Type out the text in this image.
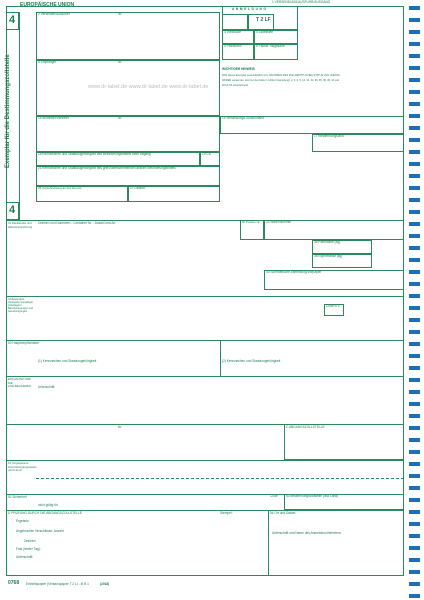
EUROPÄISCHE UNION	1 VERSENDUNG/AUSFUHR/AUSGANG
4
4
Exemplar für die Bestimmungszollstelle
2 Versender/Ausführer	Nr.
A N M E L D U N G
T 2 LF
3 Vordrucke	4 Ladelisten
5 Positionen	6 Packst. insgesamt
8 Empfänger	Nr.
WICHTIGER HINWEIS
Wird dieses Exemplar ausschließlich zum NACHWEIS DES ZOLLRECHTLICHEN STATUS VON UNIONS-
WAREN verwendet, sind nur die Felder 1 (dritte Unterteilung), 2, 3, 4, 5, 14, 31, 32, 33, 35, 38, 40, 44 und
45 bis 54 entsprechend.
www.dr-label.de www.dr-label.de www.dr-label.de
14 Anmelder/Vertreter	Nr.	15 Versendungs-/Ausfuhrland
17 Bestimmungsland
18 Kennzeichen und Staatszugehörigkeit des Beförderungsmittels beim Abgang	19 Ctr.
21 Kennzeichen und Staatszugehörigkeit des grenzüberschreitenden aktiven Beförderungsmittels
25 Verkehrszweig an der Grenze	27 Ladeort
31 Packstücke und Warenbezeichnung
Zeichen und Nummern - Container Nr. - Anzahl und Art	32 Position Nr. 33 Warennummer
35 Rohmasse (kg)
38 Eigenmasse (kg)
40 Summarische Anmeldung/Vorpapier
44 Besondere Vermerke/ Vorgelegte Unterlagen/ Bescheinigungen und Genehmigungen
Code B.V.
50 Hauptverpflichteter
(1) Kennzeichen und Staatszugehörigkeit	(2) Kennzeichen und Staatszugehörigkeit
ENTHALTEN WIR DIE ZOLLBEHÖRDEN	Unterschrift:
Nr.	C ABGANGSZOLLSTELLE
51 Vorgesehene Grenzübergangsstellen (und Land)
52 Sicherheit
nicht gültig für
53 Bestimmungszollstelle (und Land)
Code
D PRÜFUNG DURCH DIE ABGANGSZOLLSTELLE	Stempel:
Ergebnis:
Angebrachte Verschlüsse: Anzahl:
Zeichen:
Frist (letzter Tag):
Unterschrift:
54 Ort und Datum:
Unterschrift und Name des Anmelders/Vertreters:
0768 Einheitspapier (Versandpapier T 2 L) - III B 1	(2018)
